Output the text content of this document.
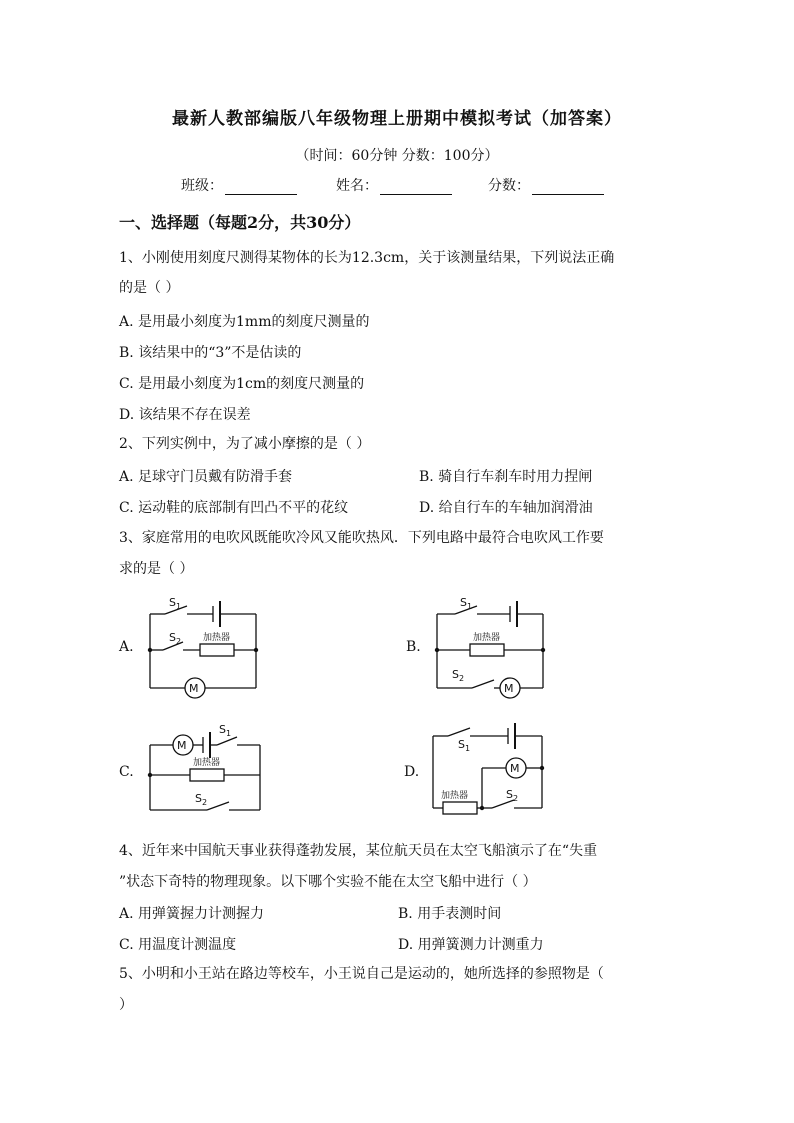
最新人教部编版八年级物理上册期中模拟考试（加答案）
（时间：60分钟 分数：100分）
班级：	姓名：	分数：
一、选择题（每题2分，共30分）
1、小刚使用刻度尺测得某物体的长为12.3cm，关于该测量结果，下列说法正确
的是（ ）
A. 是用最小刻度为1mm的刻度尺测量的
B. 该结果中的“3”不是估读的
C. 是用最小刻度为1cm的刻度尺测量的
D. 该结果不存在误差
2、下列实例中，为了减小摩擦的是（ ）
A. 足球守门员戴有防滑手套	B. 骑自行车刹车时用力捏闸
C. 运动鞋的底部制有凹凸不平的花纹	D. 给自行车的车轴加润滑油
3、家庭常用的电吹风既能吹冷风又能吹热风．下列电路中最符合电吹风工作要
求的是（ ）
A.	B.
C.	D.
$S_1$
加热器
$S_2$
M
$S_1$
加热器
$S_2$
M
M
$S_1$
加热器
$S_2$
$S_1$
M
加热器	$S_2$
4、近年来中国航天事业获得蓬勃发展，某位航天员在太空飞船演示了在“失重
”状态下奇特的物理现象。以下哪个实验不能在太空飞船中进行（ ）
A. 用弹簧握力计测握力	B. 用手表测时间
C. 用温度计测温度	D. 用弹簧测力计测重力
5、小明和小王站在路边等校车，小王说自己是运动的，她所选择的参照物是（
）
